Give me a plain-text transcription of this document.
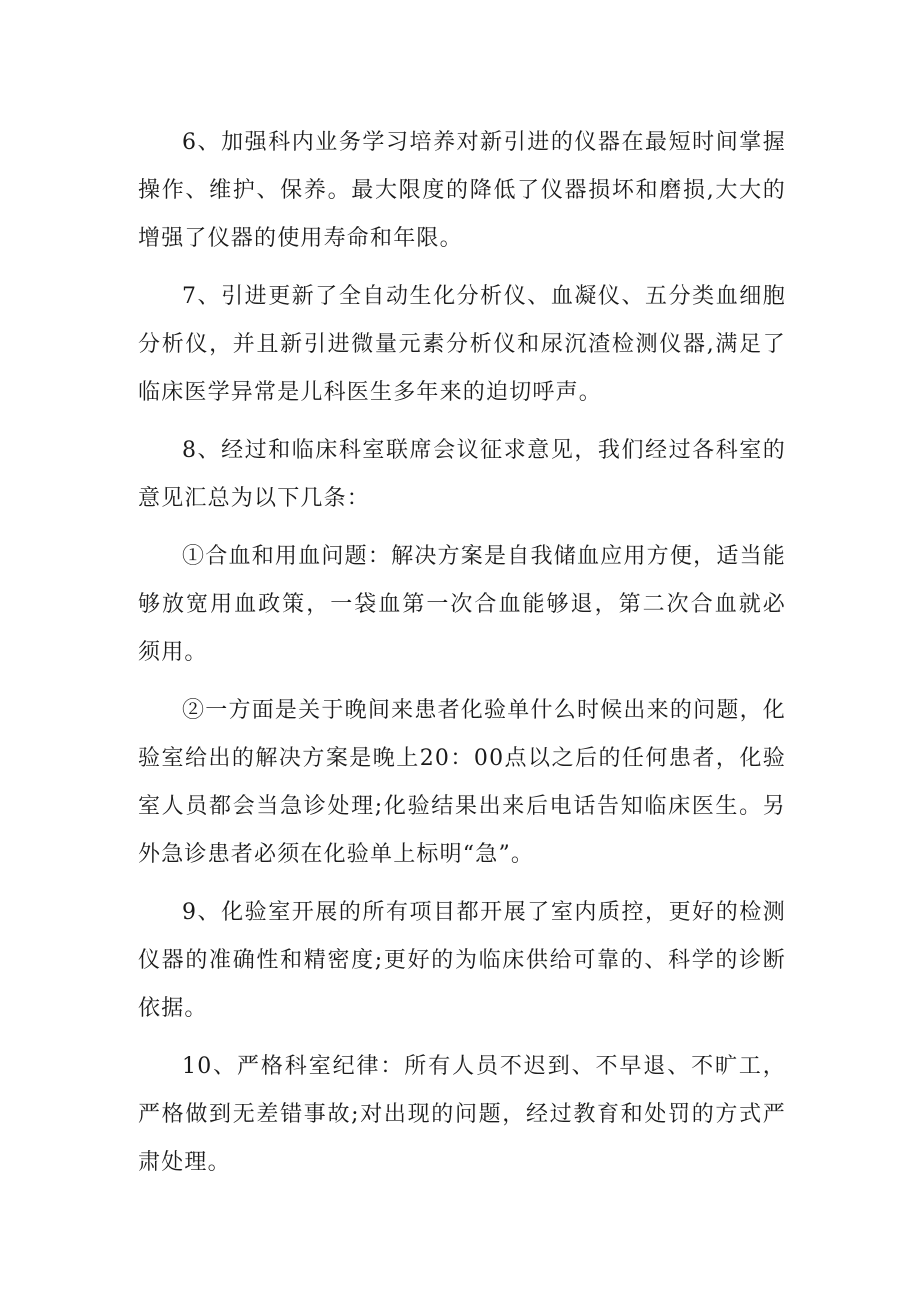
6、加强科内业务学习培养对新引进的仪器在最短时间掌握操作、维护、保养。最大限度的降低了仪器损坏和磨损,大大的增强了仪器的使用寿命和年限。

7、引进更新了全自动生化分析仪、血凝仪、五分类血细胞分析仪，并且新引进微量元素分析仪和尿沉渣检测仪器,满足了临床医学异常是儿科医生多年来的迫切呼声。

8、经过和临床科室联席会议征求意见，我们经过各科室的意见汇总为以下几条：

①合血和用血问题：解决方案是自我储血应用方便，适当能够放宽用血政策，一袋血第一次合血能够退，第二次合血就必须用。

②一方面是关于晚间来患者化验单什么时候出来的问题，化验室给出的解决方案是晚上20：00点以之后的任何患者，化验室人员都会当急诊处理;化验结果出来后电话告知临床医生。另外急诊患者必须在化验单上标明“急”。

9、化验室开展的所有项目都开展了室内质控，更好的检测仪器的准确性和精密度;更好的为临床供给可靠的、科学的诊断依据。

10、严格科室纪律：所有人员不迟到、不早退、不旷工，严格做到无差错事故;对出现的问题，经过教育和处罚的方式严肃处理。
